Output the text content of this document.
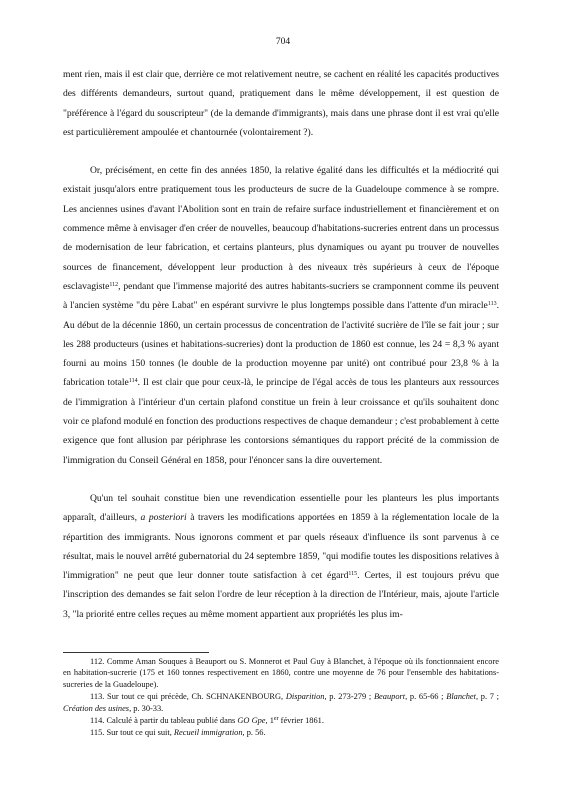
704

ment rien, mais il est clair que, derrière ce mot relativement neutre, se cachent en réalité les capacités productives des différents demandeurs, surtout quand, pratiquement dans le même développement, il est question de "préférence à l'égard du souscripteur" (de la demande d'immigrants), mais dans une phrase dont il est vrai qu'elle est particulièrement ampoulée et chantournée (volontairement ?).

Or, précisément, en cette fin des années 1850, la relative égalité dans les difficultés et la médiocrité qui existait jusqu'alors entre pratiquement tous les producteurs de sucre de la Guadeloupe commence à se rompre. Les anciennes usines d'avant l'Abolition sont en train de refaire surface industriellement et financièrement et on commence même à envisager d'en créer de nouvelles, beaucoup d'habitations-sucreries entrent dans un processus de modernisation de leur fabrication, et certains planteurs, plus dynamiques ou ayant pu trouver de nouvelles sources de financement, développent leur production à des niveaux très supérieurs à ceux de l'époque esclavagiste$^{112}$, pendant que l'immense majorité des autres habitants-sucriers se cramponnent comme ils peuvent à l'ancien système "du père Labat" en espérant survivre le plus longtemps possible dans l'attente d'un miracle$^{113}$. Au début de la décennie 1860, un certain processus de concentration de l'activité sucrière de l'île se fait jour ; sur les 288 producteurs (usines et habitations-sucreries) dont la production de 1860 est connue, les 24 = 8,3 % ayant fourni au moins 150 tonnes (le double de la production moyenne par unité) ont contribué pour 23,8 % à la fabrication totale$^{114}$. Il est clair que pour ceux-là, le principe de l'égal accès de tous les planteurs aux ressources de l'immigration à l'intérieur d'un certain plafond constitue un frein à leur croissance et qu'ils souhaitent donc voir ce plafond modulé en fonction des productions respectives de chaque demandeur ; c'est probablement à cette exigence que font allusion par périphrase les contorsions sémantiques du rapport précité de la commission de l'immigration du Conseil Général en 1858, pour l'énoncer sans la dire ouvertement.

Qu'un tel souhait constitue bien une revendication essentielle pour les planteurs les plus importants apparaît, d'ailleurs, a posteriori à travers les modifications apportées en 1859 à la réglementation locale de la répartition des immigrants. Nous ignorons comment et par quels réseaux d'influence ils sont parvenus à ce résultat, mais le nouvel arrêté gubernatorial du 24 septembre 1859, "qui modifie toutes les dispositions relatives à l'immigration" ne peut que leur donner toute satisfaction à cet égard$^{115}$. Certes, il est toujours prévu que l'inscription des demandes se fait selon l'ordre de leur réception à la direction de l'Intérieur, mais, ajoute l'article 3, "la priorité entre celles reçues au même moment appartient aux propriétés les plus im-

112. Comme Aman Souques à Beauport ou S. Monnerot et Paul Guy à Blanchet, à l'époque où ils fonctionnaient encore en habitation-sucrerie (175 et 160 tonnes respectivement en 1860, contre une moyenne de 76 pour l'ensemble des habitations-sucreries de la Guadeloupe).

113. Sur tout ce qui précède, Ch. SCHNAKENBOURG, Disparition, p. 273-279 ; Beauport, p. 65-66 ; Blanchet, p. 7 ; Création des usines, p. 30-33.

114. Calculé à partir du tableau publié dans GO Gpe, 1er février 1861.

115. Sur tout ce qui suit, Recueil immigration, p. 56.
